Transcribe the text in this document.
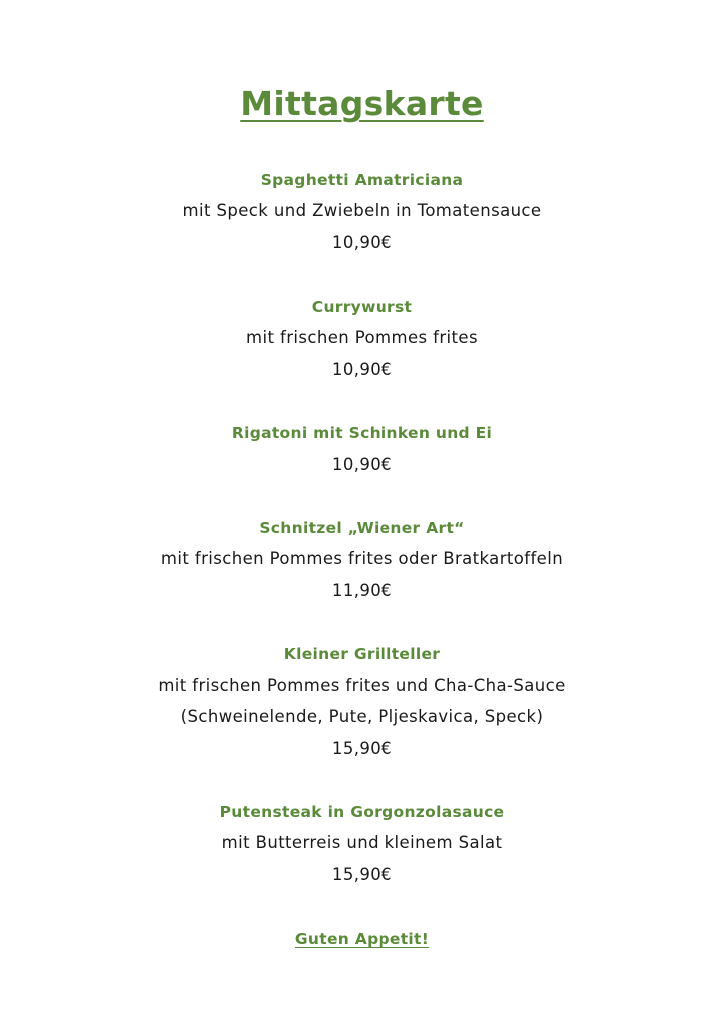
Mittagskarte
Spaghetti Amatriciana
mit Speck und Zwiebeln in Tomatensauce
10,90€
Currywurst
mit frischen Pommes frites
10,90€
Rigatoni mit Schinken und Ei
10,90€
Schnitzel „Wiener Art“
mit frischen Pommes frites oder Bratkartoffeln
11,90€
Kleiner Grillteller
mit frischen Pommes frites und Cha-Cha-Sauce
(Schweinelende, Pute, Pljeskavica, Speck)
15,90€
Putensteak in Gorgonzolasauce
mit Butterreis und kleinem Salat
15,90€
Guten Appetit!
